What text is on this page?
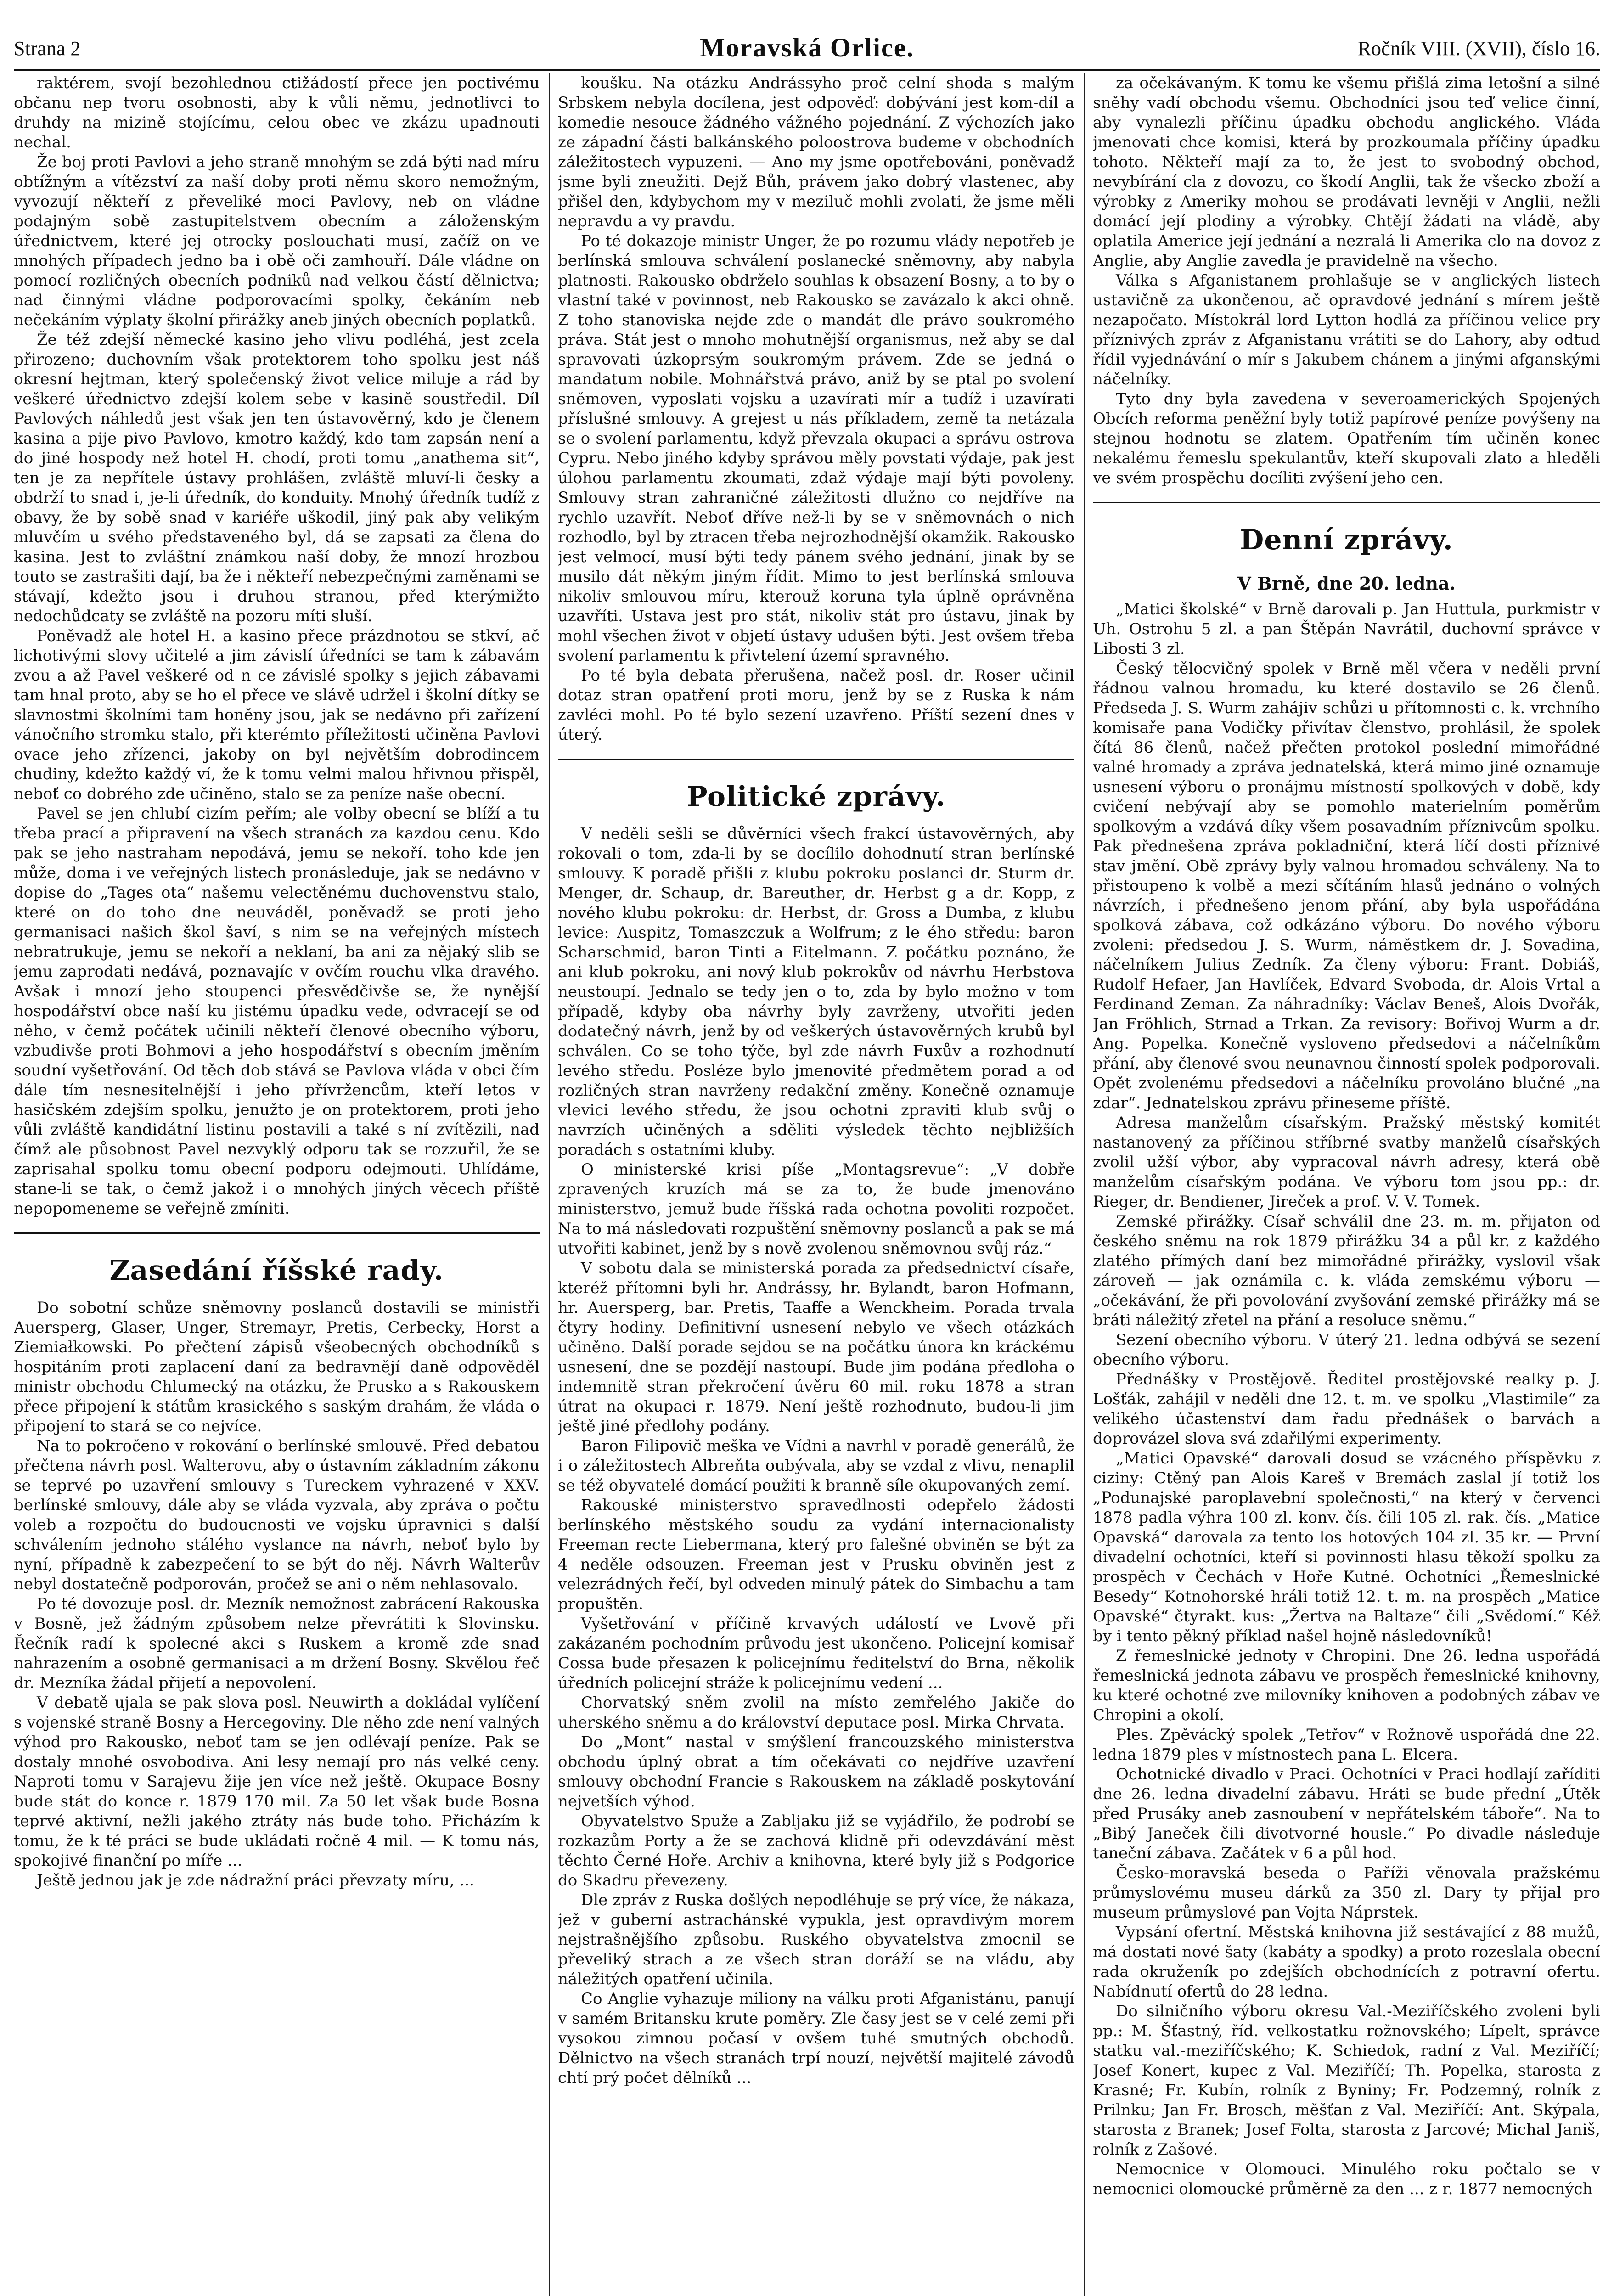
Strana 2	Moravská Orlice.	Ročník VIII. (XVII), číslo 16.

raktérem, svojí bezohlednou ctižádostí přece jen poctivému občanu nep tvoru osobnosti, aby k vůli němu, jednotlivci to druhdy na mizině stojícímu, celou obec ve zkázu upadnouti nechal.

Že boj proti Pavlovi a jeho straně mnohým se zdá býti nad míru obtížným a vítězství za naší doby proti němu skoro nemožným, vyvozují někteří z převeliké moci Pavlovy, neb on vládne podajným sobě zastupitelstvem obecním a záloženským úřednictvem, které jej otrocky poslouchati musí, začíž on ve mnohých případech jedno ba i obě oči zamhouří. Dále vládne on pomocí rozličných obecních podniků nad velkou částí dělnictva; nad činnými vládne podporovacími spolky, čekáním neb nečekáním výplaty školní přirážky aneb jiných obecních poplatků.

Že též zdejší německé kasino jeho vlivu podléhá, jest zcela přirozeno; duchovním však protektorem toho spolku jest náš okresní hejtman, který společenský život velice miluje a rád by veškeré úřednictvo zdejší kolem sebe v kasině soustředil. Díl Pavlových náhledů jest však jen ten ústavověrný, kdo je členem kasina a pije pivo Pavlovo, kmotro každý, kdo tam zapsán není a do jiné hospody než hotel H. chodí, proti tomu „anathema sit“, ten je za nepřítele ústavy prohlášen, zvláště mluví-li česky a obdrží to snad i, je-li úředník, do konduity. Mnohý úředník tudíž z obavy, že by sobě snad v kariéře uškodil, jiný pak aby velikým mluvčím u svého představeného byl, dá se zapsati za člena do kasina. Jest to zvláštní známkou naší doby, že mnozí hrozbou touto se zastrašiti dají, ba že i někteří nebezpečnými zaměnami se stávají, kdežto jsou i druhou stranou, před kterýmižto nedochůdcaty se zvláště na pozoru míti sluší.

Poněvadž ale hotel H. a kasino přece prázdnotou se stkví, ač lichotivými slovy učitelé a jim závislí úředníci se tam k zábavám zvou a až Pavel veškeré od n ce závislé spolky s jejich zábavami tam hnal proto, aby se ho el přece ve slávě udržel i školní dítky se slavnostmi školními tam honěny jsou, jak se nedávno při zařízení vánočního stromku stalo, při kterémto příležitosti učiněna Pavlovi ovace jeho zřízenci, jakoby on byl největším dobrodincem chudiny, kdežto každý ví, že k tomu velmi malou hřivnou přispěl, neboť co dobrého zde učiněno, stalo se za peníze naše obecní.

Pavel se jen chlubí cizím peřím; ale volby obecní se blíží a tu třeba prací a připravení na všech stranách za kazdou cenu. Kdo pak se jeho nastraham nepodává, jemu se nekoří. toho kde jen může, doma i ve veřejných listech pronásleduje, jak se nedávno v dopise do „Tages ota“ našemu velectěnému duchovenstvu stalo, které on do toho dne neuváděl, poněvadž se proti jeho germanisaci našich škol šaví, s nim se na veřejných místech nebratrukuje, jemu se nekoří a neklaní, ba ani za nějaký slib se jemu zaprodati nedává, poznavajíc v ovčím rouchu vlka dravého. Avšak i mnozí jeho stoupenci přesvědčivše se, že nynější hospodářství obce naší ku jistému úpadku vede, odvracejí se od něho, v čemž počátek učinili někteří členové obecního výboru, vzbudivše proti Bohmovi a jeho hospodářství s obecním jměním soudní vyšetřování. Od těch dob stává se Pavlova vláda v obci čím dále tím nesnesitelnější i jeho přívržencům, kteří letos v hasičském zdejším spolku, jenužto je on protektorem, proti jeho vůli zvláště kandidátní listinu postavili a také s ní zvítězili, nad čímž ale působnost Pavel nezvyklý odporu tak se rozzuřil, že se zaprisahal spolku tomu obecní podporu odejmouti. Uhlídáme, stane-li se tak, o čemž jakož i o mnohých jiných věcech příště nepopomeneme se veřejně zmíniti.

Zasedání říšské rady.

Do sobotní schůze sněmovny poslanců dostavili se ministři Auersperg, Glaser, Unger, Stremayr, Pretis, Cerbecky, Horst a Ziemiałkowski. Po přečtení zápisů všeobecných obchodníků s hospitáním proti zaplacení daní za bedravnějí daně odpověděl ministr obchodu Chlumecký na otázku, že Prusko a s Rakouskem přece připojení k státům krasického s saským drahám, že vláda o připojení to stará se co nejvíce.

Na to pokročeno v rokování o berlínské smlouvě. Před debatou přečtena návrh posl. Walterovu, aby o ústavním základním zákonu se teprvé po uzavření smlouvy s Tureckem vyhrazené v XXV. berlínské smlouvy, dále aby se vláda vyzvala, aby zpráva o počtu voleb a rozpočtu do budoucnosti ve vojsku úpravnici s další schválením jednoho stálého vyslance na návrh, neboť bylo by nyní, případně k zabezpečení to se být do něj. Návrh Walterův nebyl dostatečně podporován, pročež se ani o něm nehlasovalo.

Po té dovozuje posl. dr. Mezník nemožnost zabrácení Rakouska v Bosně, jež žádným způsobem nelze převrátiti k Slovinsku. Řečník radí k spolecné akci s Ruskem a kromě zde snad nahrazením a osobně germanisaci a m držení Bosny. Skvělou řeč dr. Mezníka žádal přijetí a nepovolení.

V debatě ujala se pak slova posl. Neuwirth a dokládal vylíčení s vojenské straně Bosny a Hercegoviny. Dle něho zde není valných výhod pro Rakousko, neboť tam se jen odlévají peníze. Pak se dostaly mnohé osvobodiva. Ani lesy nemají pro nás velké ceny. Naproti tomu v Sarajevu žije jen více než ještě. Okupace Bosny bude stát do konce r. 1879 170 mil. Za 50 let však bude Bosna teprvé aktivní, nežli jakého ztráty nás bude toho. Přicházím k tomu, že k té práci se bude ukládati ročně 4 mil. — K tomu nás, spokojivé finanční po míře ...

Ještě jednou jak je zde nádražní práci převzaty míru, ...

koušku. Na otázku Andrássyho proč celní shoda s malým Srbskem nebyla docílena, jest odpověď: dobývání jest kom-díl a komedie nesouce žádného vážného pojednání. Z výchozích jako ze západní části balkánského poloostrova budeme v obchodních záležitostech vypuzeni. — Ano my jsme opotřebováni, poněvadž jsme byli zneužiti. Dejž Bůh, právem jako dobrý vlastenec, aby přišel den, kdybychom my v meziluč mohli zvolati, že jsme měli nepravdu a vy pravdu.

Po té dokazoje ministr Unger, že po rozumu vlády nepotřeb je berlínská smlouva schválení poslanecké sněmovny, aby nabyla platnosti. Rakousko obdrželo souhlas k obsazení Bosny, a to by o vlastní také v povinnost, neb Rakousko se zavázalo k akci ohně. Z toho stanoviska nejde zde o mandát dle právo soukromého práva. Stát jest o mnoho mohutnější organismus, než aby se dal spravovati úzkoprsým soukromým právem. Zde se jedná o mandatum nobile. Mohnářstvá právo, aniž by se ptal po svolení sněmoven, vyposlati vojsku a uzavírati mír a tudíž i uzavírati příslušné smlouvy. A grejest u nás příkladem, země ta netázala se o svolení parlamentu, když převzala okupaci a správu ostrova Cypru. Nebo jiného kdyby správou měly povstati výdaje, pak jest úlohou parlamentu zkoumati, zdaž výdaje mají býti povoleny. Smlouvy stran zahraničné záležitosti dlužno co nejdříve na rychlo uzavřít. Neboť dříve než-li by se v sněmovnách o nich rozhodlo, byl by ztracen třeba nejrozhodnější okamžik. Rakousko jest velmocí, musí býti tedy pánem svého jednání, jinak by se musilo dát někým jiným řídit. Mimo to jest berlínská smlouva nikoliv smlouvou míru, kterouž koruna tyla úplně oprávněna uzavříti. Ustava jest pro stát, nikoliv stát pro ústavu, jinak by mohl všechen život v objetí ústavy udušen býti. Jest ovšem třeba svolení parlamentu k přivtelení území spravného.

Po té byla debata přerušena, načež posl. dr. Roser učinil dotaz stran opatření proti moru, jenž by se z Ruska k nám zavléci mohl. Po té bylo sezení uzavřeno. Příští sezení dnes v úterý.

Politické zprávy.

V neděli sešli se důvěrníci všech frakcí ústavověrných, aby rokovali o tom, zda-li by se docílilo dohodnutí stran berlínské smlouvy. K poradě přišli z klubu pokroku poslanci dr. Sturm dr. Menger, dr. Schaup, dr. Bareuther, dr. Herbst g a dr. Kopp, z nového klubu pokroku: dr. Herbst, dr. Gross a Dumba, z klubu levice: Auspitz, Tomaszczuk a Wolfrum; z le ého středu: baron Scharschmid, baron Tinti a Eitelmann. Z počátku poznáno, že ani klub pokroku, ani nový klub pokrokův od návrhu Herbstova neustoupí. Jednalo se tedy jen o to, zda by bylo možno v tom případě, kdyby oba návrhy byly zavrženy, utvořiti jeden dodatečný návrh, jenž by od veškerých ústavověrných krubů byl schválen. Co se toho týče, byl zde návrh Fuxův a rozhodnutí levého středu. Posléze bylo jmenovité předmětem porad a od rozličných stran navrženy redakční změny. Konečně oznamuje vlevici levého středu, že jsou ochotni zpraviti klub svůj o navrzích učiněných a sděliti výsledek těchto nejbližších poradách s ostatními kluby.

O ministerské krisi píše „Montagsrevue“: „V dobře zpravených kruzích má se za to, že bude jmenováno ministerstvo, jemuž bude říšská rada ochotna povoliti rozpočet. Na to má následovati rozpuštění sněmovny poslanců a pak se má utvořiti kabinet, jenž by s nově zvolenou sněmovnou svůj ráz.“

V sobotu dala se ministerská porada za předsednictví císaře, kteréž přítomni byli hr. Andrássy, hr. Bylandt, baron Hofmann, hr. Auersperg, bar. Pretis, Taaffe a Wenckheim. Porada trvala čtyry hodiny. Definitivní usnesení nebylo ve všech otázkách učiněno. Další porade sejdou se na počátku února kn kráckému usnesení, dne se pozdějí nastoupí. Bude jim podána předloha o indemnitě stran překročení úvěru 60 mil. roku 1878 a stran útrat na okupaci r. 1879. Není ještě rozhodnuto, budou-li jim ještě jiné předlohy podány.

Baron Filipovič meška ve Vídni a navrhl v poradě generálů, že i o záležitostech Albreňta oubývala, aby se vzdal z vlivu, nenaplil se též obyvatelé domácí použiti k branně síle okupovaných zemí.

Rakouské ministerstvo spravedlnosti odepřelo žádosti berlínského městského soudu za vydání internacionalisty Freeman recte Liebermana, který pro falešné obviněn se být za 4 neděle odsouzen. Freeman jest v Prusku obviněn jest z velezrádných řečí, byl odveden minulý pátek do Simbachu a tam propuštěn.

Vyšetřování v příčině krvavých událostí ve Lvově při zakázaném pochodním průvodu jest ukončeno. Policejní komisař Cossa bude přesazen k policejnímu ředitelství do Brna, několik úředních policejní stráže k policejnímu vedení ...

Chorvatský sněm zvolil na místo zemřelého Jakiče do uherského sněmu a do království deputace posl. Mirka Chrvata.

Do „Mont“ nastal v smýšlení francouzského ministerstva obchodu úplný obrat a tím očekávati co nejdříve uzavření smlouvy obchodní Francie s Rakouskem na základě poskytování nejvetších výhod.

Obyvatelstvo Spuže a Zabljaku již se vyjádřilo, že podrobí se rozkazům Porty a že se zachová klidně při odevzdávání měst těchto Černé Hoře. Archiv a knihovna, které byly již s Podgorice do Skadru převezeny.

Dle zpráv z Ruska došlých nepodléhuje se prý více, že nákaza, jež v guberní astrachánské vypukla, jest opravdivým morem nejstrašnějšího způsobu. Ruského obyvatelstva zmocnil se převeliký strach a ze všech stran doráží se na vládu, aby náležitých opatření učinila.

Co Anglie vyhazuje miliony na válku proti Afganistánu, panují v samém Britansku krute poměry. Zle časy jest se v celé zemi při vysokou zimnou počasí v ovšem tuhé smutných obchodů. Dělnictvo na všech stranách trpí nouzí, největší majitelé závodů chtí prý počet dělníků ...

za očekávaným. K tomu ke všemu přišlá zima letošní a silné sněhy vadí obchodu všemu. Obchodníci jsou teď velice činní, aby vynalezli příčinu úpadku obchodu anglického. Vláda jmenovati chce komisi, která by prozkoumala příčiny úpadku tohoto. Někteří mají za to, že jest to svobodný obchod, nevybírání cla z dovozu, co škodí Anglii, tak že všecko zboží a výrobky z Ameriky mohou se prodávati levněji v Anglii, nežli domácí její plodiny a výrobky. Chtějí žádati na vládě, aby oplatila Americe její jednání a nezralá li Amerika clo na dovoz z Anglie, aby Anglie zavedla je pravidelně na všecho.

Válka s Afganistanem prohlašuje se v anglických listech ustavičně za ukončenou, ač opravdové jednání s mírem ještě nezapočato. Místokrál lord Lytton hodlá za příčinou velice pry příznivých zpráv z Afganistanu vrátiti se do Lahory, aby odtud řídil vyjednávání o mír s Jakubem chánem a jinými afganskými náčelníky.

Tyto dny byla zavedena v severoamerických Spojených Obcích reforma peněžní byly totiž papírové peníze povýšeny na stejnou hodnotu se zlatem. Opatřením tím učiněn konec nekalému řemeslu spekulantův, kteří skupovali zlato a hleděli ve svém prospěchu docíliti zvýšení jeho cen.

Denní zprávy.
V Brně, dne 20. ledna.

„Matici školské“ v Brně darovali p. Jan Huttula, purkmistr v Uh. Ostrohu 5 zl. a pan Štěpán Navrátil, duchovní správce v Libosti 3 zl.

Český tělocvičný spolek v Brně měl včera v neděli první řádnou valnou hromadu, ku které dostavilo se 26 členů. Předseda J. S. Wurm zahájiv schůzi u přítomnosti c. k. vrchního komisaře pana Vodičky přivítav členstvo, prohlásil, že spolek čítá 86 členů, načež přečten protokol poslední mimořádné valné hromady a zpráva jednatelská, která mimo jiné oznamuje usnesení výboru o pronájmu místností spolkových v době, kdy cvičení nebývají aby se pomohlo materielním poměrům spolkovým a vzdává díky všem posavadním příznivcům spolku. Pak přednešena zpráva pokladniční, která líčí dosti příznivé stav jmění. Obě zprávy byly valnou hromadou schváleny. Na to přistoupeno k volbě a mezi sčítáním hlasů jednáno o volných návrzích, i přednešeno jenom přání, aby byla uspořádána spolková zábava, což odkázáno výboru. Do nového výboru zvoleni: předsedou J. S. Wurm, náměstkem dr. J. Sovadina, náčelníkem Julius Zedník. Za členy výboru: Frant. Dobiáš, Rudolf Hefaer, Jan Havlíček, Edvard Svoboda, dr. Alois Vrtal a Ferdinand Zeman. Za náhradníky: Václav Beneš, Alois Dvořák, Jan Fröhlich, Strnad a Trkan. Za revisory: Bořivoj Wurm a dr. Ang. Popelka. Konečně vysloveno předsedovi a náčelníkům přání, aby členové svou neunavnou činností spolek podporovali. Opět zvolenému předsedovi a náčelníku provoláno blučné „na zdar“. Jednatelskou zprávu přineseme příště.

Adresa manželům císařským. Pražský městský komitét nastanovený za příčinou stříbrné svatby manželů císařských zvolil užší výbor, aby vypracoval návrh adresy, která obě manželům císařským podána. Ve výboru tom jsou pp.: dr. Rieger, dr. Bendiener, Jireček a prof. V. V. Tomek.

Zemské přirážky. Císař schválil dne 23. m. m. přijaton od českého sněmu na rok 1879 přirážku 34 a půl kr. z každého zlatého přímých daní bez mimořádné přirážky, vyslovil však zároveň — jak oznámila c. k. vláda zemskému výboru — „očekávání, že při povolování zvyšování zemské přirážky má se bráti náležitý zřetel na přání a resoluce sněmu.“

Sezení obecního výboru. V úterý 21. ledna odbývá se sezení obecního výboru.

Přednášky v Prostějově. Ředitel prostějovské realky p. J. Lošťák, zahájil v neděli dne 12. t. m. ve spolku „Vlastimile“ za velikého účastenství dam řadu přednášek o barvách a doprovázel slova svá zdařilými experimenty.

„Matici Opavské“ darovali dosud se vzácného příspěvku z ciziny: Ctěný pan Alois Kareš v Bremách zaslal jí totiž los „Podunajské paroplavební společnosti,“ na který v červenci 1878 padla výhra 100 zl. konv. čís. čili 105 zl. rak. čís. „Matice Opavská“ darovala za tento los hotových 104 zl. 35 kr. — První divadelní ochotníci, kteří si povinnosti hlasu těkoží spolku za prospěch v Čechách v Hoře Kutné. Ochotníci „Řemeslnické Besedy“ Kotnohorské hráli totiž 12. t. m. na prospěch „Matice Opavské“ čtyrakt. kus: „Žertva na Baltaze“ čili „Svědomí.“ Kéž by i tento pěkný příklad našel hojně následovníků!

Z řemeslnické jednoty v Chropini. Dne 26. ledna uspořádá řemeslnická jednota zábavu ve prospěch řemeslnické knihovny, ku které ochotné zve milovníky knihoven a podobných zábav ve Chropini a okolí.

Ples. Zpěvácký spolek „Tetřov“ v Rožnově uspořádá dne 22. ledna 1879 ples v místnostech pana L. Elcera.

Ochotnické divadlo v Praci. Ochotníci v Praci hodlají zaříditi dne 26. ledna divadelní zábavu. Hráti se bude přední „Útěk před Prusáky aneb zasnoubení v nepřátelském táboře“. Na to „Bibý Janeček čili divotvorné housle.“ Po divadle následuje taneční zábava. Začátek v 6 a půl hod.

Česko-moravská beseda o Paříži věnovala pražskému průmyslovému museu dárků za 350 zl. Dary ty přijal pro museum průmyslové pan Vojta Náprstek.

Vypsání ofertní. Městská knihovna již sestávající z 88 mužů, má dostati nové šaty (kabáty a spodky) a proto rozeslala obecní rada okruženík po zdejších obchodnících z potravní ofertu. Nabídnutí ofertů do 28 ledna.

Do silničního výboru okresu Val.-Meziříčského zvoleni byli pp.: M. Šťastný, říd. velkostatku rožnovského; Lípelt, správce statku val.-meziříčského; K. Schiedok, radní z Val. Meziříčí; Josef Konert, kupec z Val. Meziříčí; Th. Popelka, starosta z Krasné; Fr. Kubín, rolník z Byniny; Fr. Podzemný, rolník z Prilnku; Jan Fr. Brosch, měšťan z Val. Meziříčí: Ant. Skýpala, starosta z Branek; Josef Folta, starosta z Jarcové; Michal Janiš, rolník z Zašové.

Nemocnice v Olomouci. Minulého roku počtalo se v nemocnici olomoucké průměrně za den ... z r. 1877 nemocných
